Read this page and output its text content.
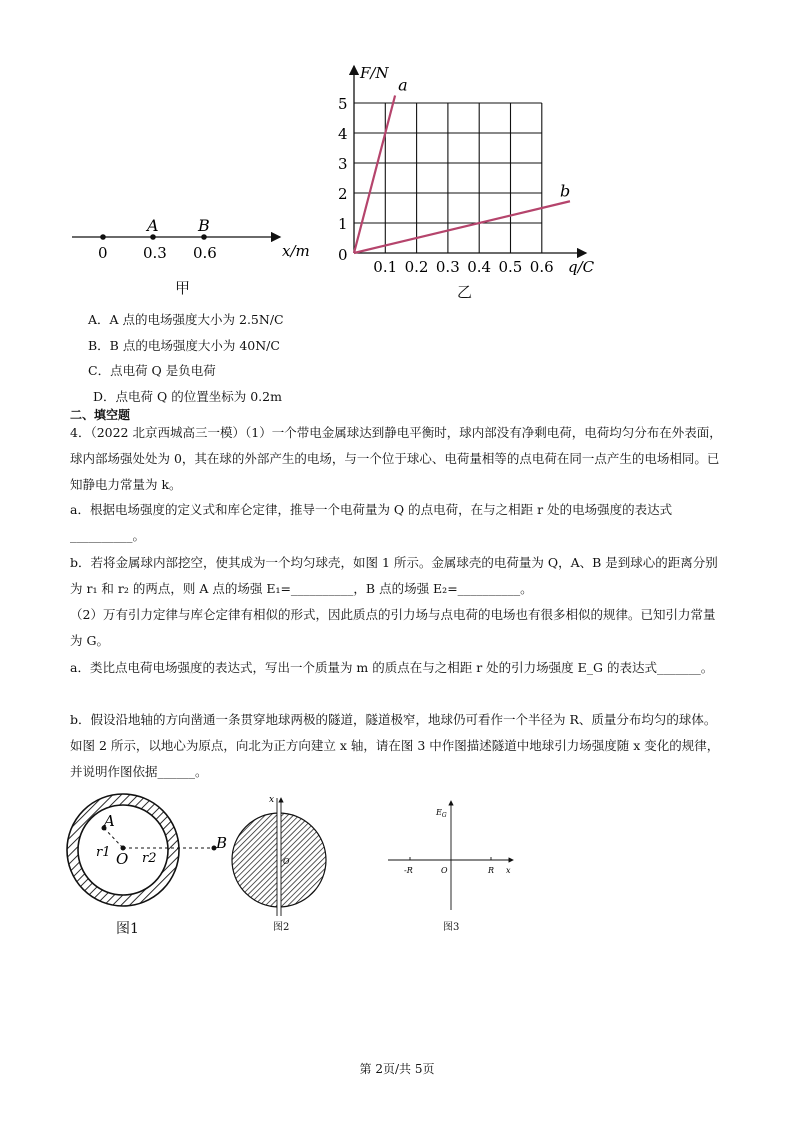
A B
0 0.3 0.6	x/m
甲
0.1 0.2 0.3 0.4 0.5 0.6
1
2
3
4
5
a
b
F/N
q/C
0
乙
A．A 点的电场强度大小为 2.5N/C
B．B 点的电场强度大小为 40N/C
C．点电荷 Q 是负电荷
D．点电荷 Q 的位置坐标为 0.2m
二、填空题
4．（2022 北京西城高三一模）（1）一个带电金属球达到静电平衡时，球内部没有净剩电荷，电荷均匀分布在外表面，球内部场强处处为 0，其在球的外部产生的电场，与一个位于球心、电荷量相等的点电荷在同一点产生的电场相同。已知静电力常量为 k。
a．根据电场强度的定义式和库仑定律，推导一个电荷量为 Q 的点电荷，在与之相距 r 处的电场强度的表达式__________。
b．若将金属球内部挖空，使其成为一个均匀球壳，如图 1 所示。金属球壳的电荷量为 Q，A、B 是到球心的距离分别为 r₁ 和 r₂ 的两点，则 A 点的场强 E₁=__________，B 点的场强 E₂=__________。
（2）万有引力定律与库仑定律有相似的形式，因此质点的引力场与点电荷的电场也有很多相似的规律。已知引力常量为 G。
a．类比点电荷电场强度的表达式，写出一个质量为 m 的质点在与之相距 r 处的引力场强度 E_G 的表达式_______。
b．假设沿地轴的方向凿通一条贯穿地球两极的隧道，隧道极窄，地球仍可看作一个半径为 R、质量分布均匀的球体。如图 2 所示，以地心为原点，向北为正方向建立 x 轴，请在图 3 中作图描述隧道中地球引力场强度随 x 变化的规律，并说明作图依据______。
A
B
O
r1 r2
图1
x
O
图2
$E_G$
-R	O	R x
图3
第 2页/共 5页
